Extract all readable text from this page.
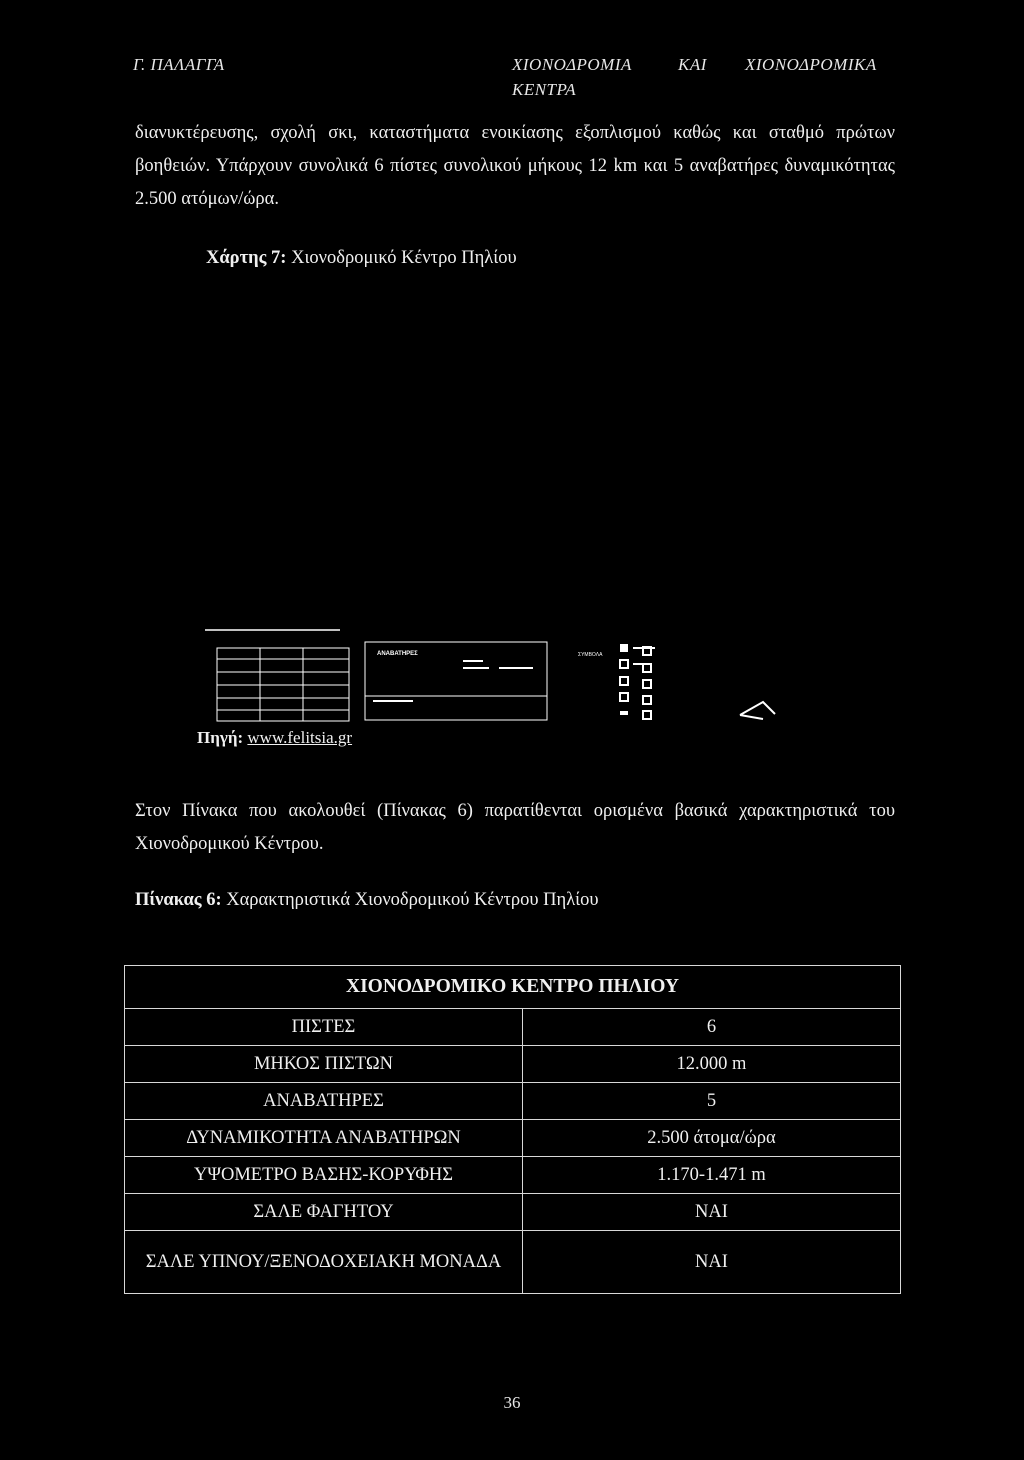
Γ. ΠΑΛΑΓΓΑ	ΧΙΟΝΟΔΡΟΜΙΑ	ΚΑΙ ΧΙΟΝΟΔΡΟΜΙΚΑ
ΚΕΝΤΡΑ
διανυκτέρευσης, σχολή σκι, καταστήματα ενοικίασης εξοπλισμού καθώς και σταθμό πρώτων βοηθειών. Υπάρχουν συνολικά 6 πίστες συνολικού μήκους 12 km και 5 αναβατήρες δυναμικότητας 2.500 ατόμων/ώρα.
Χάρτης 7: Χιονοδρομικό Κέντρο Πηλίου
ΑΝΑΒΑΤΗΡΕΣ	ΣΥΜΒΟΛΑ
Πηγή: www.felitsia.gr
Στον Πίνακα που ακολουθεί (Πίνακας 6) παρατίθενται ορισμένα βασικά χαρακτηριστικά του Χιονοδρομικού Κέντρου.
Πίνακας 6: Χαρακτηριστικά Χιονοδρομικού Κέντρου Πηλίου
ΧΙΟΝΟΔΡΟΜΙΚΟ ΚΕΝΤΡΟ ΠΗΛΙΟΥ	
ΠΙΣΤΕΣ	6
ΜΗΚΟΣ ΠΙΣΤΩΝ	12.000 m
ΑΝΑΒΑΤΗΡΕΣ	5
ΔΥΝΑΜΙΚΟΤΗΤΑ ΑΝΑΒΑΤΗΡΩΝ	2.500 άτομα/ώρα
ΥΨΟΜΕΤΡΟ ΒΑΣΗΣ-ΚΟΡΥΦΗΣ	1.170-1.471 m
ΣΑΛΕ ΦΑΓΗΤΟΥ	ΝΑΙ
ΣΑΛΕ ΥΠΝΟΥ/ΞΕΝΟΔΟΧΕΙΑΚΗ ΜΟΝΑΔΑ	ΝΑΙ
36
